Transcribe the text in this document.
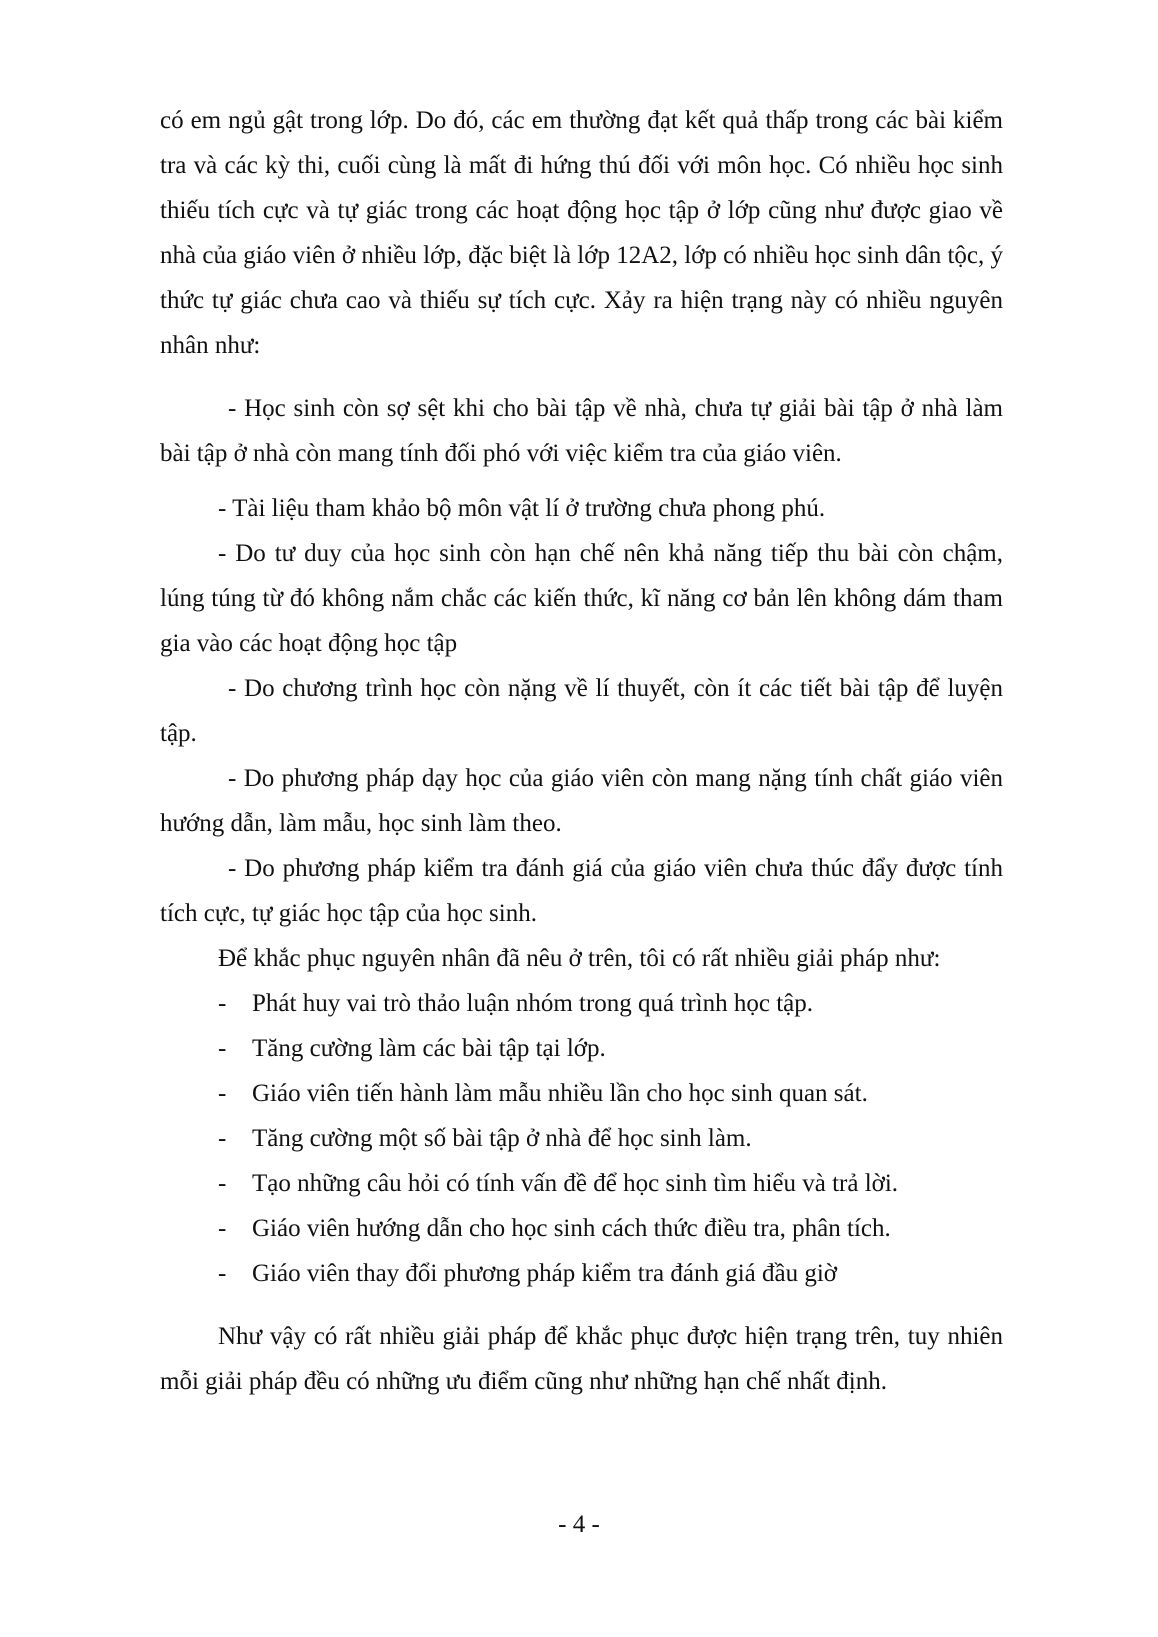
có em ngủ gật trong lớp. Do đó, các em thường đạt kết quả thấp trong các bài kiểm tra và các kỳ thi, cuối cùng là mất đi hứng thú đối với môn học. Có nhiều học sinh thiếu tích cực và tự giác trong các hoạt động học tập ở lớp cũng như được giao về nhà của giáo viên ở nhiều lớp, đặc biệt là lớp 12A2, lớp có nhiều học sinh dân tộc, ý thức tự giác chưa cao và thiếu sự tích cực. Xảy ra hiện trạng này có nhiều nguyên nhân như:

- Học sinh còn sợ sệt khi cho bài tập về nhà, chưa tự giải bài tập ở nhà làm bài tập ở nhà còn mang tính đối phó với việc kiểm tra của giáo viên.

- Tài liệu tham khảo bộ môn vật lí ở trường chưa phong phú.

- Do tư duy của học sinh còn hạn chế nên khả năng tiếp thu bài còn chậm, lúng túng từ đó không nắm chắc các kiến thức, kĩ năng cơ bản lên không dám tham gia vào các hoạt động học tập

- Do chương trình học còn nặng về lí thuyết, còn ít các tiết bài tập để luyện tập.

- Do phương pháp dạy học của giáo viên còn mang nặng tính chất giáo viên hướng dẫn, làm mẫu, học sinh làm theo.

- Do phương pháp kiểm tra đánh giá của giáo viên chưa thúc đẩy được tính tích cực, tự giác học tập của học sinh.

Để khắc phục nguyên nhân đã nêu ở trên, tôi có rất nhiều giải pháp như:

-	Phát huy vai trò thảo luận nhóm trong quá trình học tập.
-	Tăng cường làm các bài tập tại lớp.
-	Giáo viên tiến hành làm mẫu nhiều lần cho học sinh quan sát.
-	Tăng cường một số bài tập ở nhà để học sinh làm.
-	Tạo những câu hỏi có tính vấn đề để học sinh tìm hiểu và trả lời.
-	Giáo viên hướng dẫn cho học sinh cách thức điều tra, phân tích.
-	Giáo viên thay đổi phương pháp kiểm tra đánh giá đầu giờ

Như vậy có rất nhiều giải pháp để khắc phục được hiện trạng trên, tuy nhiên mỗi giải pháp đều có những ưu điểm cũng như những hạn chế nhất định.

- 4 -
